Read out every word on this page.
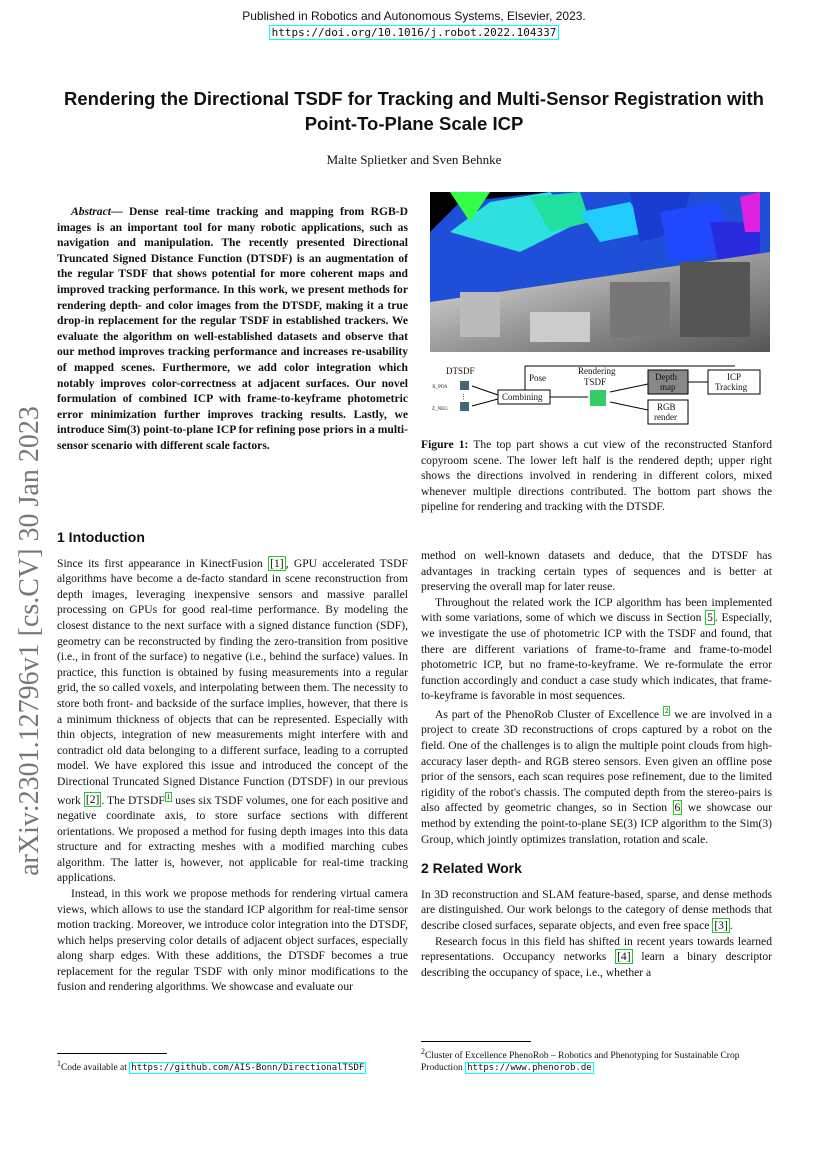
Published in Robotics and Autonomous Systems, Elsevier, 2023.
https://doi.org/10.1016/j.robot.2022.104337
Rendering the Directional TSDF for Tracking and Multi-Sensor Registration with Point-To-Plane Scale ICP
Malte Splietker and Sven Behnke
arXiv:2301.12796v1 [cs.CV] 30 Jan 2023

Abstract— Dense real-time tracking and mapping from RGB-D images is an important tool for many robotic applications, such as navigation and manipulation. The recently presented Directional Truncated Signed Distance Function (DTSDF) is an augmentation of the regular TSDF that shows potential for more coherent maps and improved tracking performance. In this work, we present methods for rendering depth- and color images from the DTSDF, making it a true drop-in replacement for the regular TSDF in established trackers. We evaluate the algorithm on well-established datasets and observe that our method improves tracking performance and increases re-usability of mapped scenes. Furthermore, we add color integration which notably improves color-correctness at adjacent surfaces. Our novel formulation of combined ICP with frame-to-keyframe photometric error minimization further improves tracking results. Lastly, we introduce Sim(3) point-to-plane ICP for refining pose priors in a multi-sensor scenario with different scale factors.

DTSDF
X_POS
Z_NEG
⋮	Combining
Pose
Rendering
TSDF	Depth
map
RGB
render
ICP
Tracking

Figure 1: The top part shows a cut view of the reconstructed Stanford copyroom scene. The lower left half is the rendered depth; upper right shows the directions involved in rendering in different colors, mixed whenever multiple directions contributed. The bottom part shows the pipeline for rendering and tracking with the DTSDF.

1 Intoduction

Since its first appearance in KinectFusion [1] , GPU accelerated TSDF algorithms have become a de-facto standard in scene reconstruction from depth images, leveraging inexpensive sensors and massive parallel processing on GPUs for good real-time performance. By modeling the closest distance to the next surface with a signed distance function (SDF), geometry can be reconstructed by finding the zero-transition from positive (i.e., in front of the surface) to negative (i.e., behind the surface) values. In practice, this function is obtained by fusing measurements into a regular grid, the so called voxels, and interpolating between them. The necessity to store both front- and backside of the surface implies, however, that there is a minimum thickness of objects that can be represented. Especially with thin objects, integration of new measurements might interfere with and contradict old data belonging to a different surface, leading to a corrupted model. We have explored this issue and introduced the concept of the Directional Truncated Signed Distance Function (DTSDF) in our previous work [2] . The DTSDF $^1$ uses six TSDF volumes, one for each positive and negative coordinate axis, to store surface sections with different orientations. We proposed a method for fusing depth images into this data structure and for extracting meshes with a modified marching cubes algorithm. The latter is, however, not applicable for real-time tracking applications.

Instead, in this work we propose methods for rendering virtual camera views, which allows to use the standard ICP algorithm for real-time sensor motion tracking. Moreover, we introduce color integration into the DTSDF, which helps preserving color details of adjacent object surfaces, especially along sharp edges. With these additions, the DTSDF becomes a true replacement for the regular TSDF with only minor modifications to the fusion and rendering algorithms. We showcase and evaluate our

method on well-known datasets and deduce, that the DTSDF has advantages in tracking certain types of sequences and is better at preserving the overall map for later reuse.

Throughout the related work the ICP algorithm has been implemented with some variations, some of which we discuss in Section 5 . Especially, we investigate the use of photometric ICP with the TSDF and found, that there are different variations of frame-to-frame and frame-to-model photometric ICP, but no frame-to-keyframe. We re-formulate the error function accordingly and conduct a case study which indicates, that frame-to-keyframe is favorable in most sequences.

As part of the PhenoRob Cluster of Excellence $^2$ we are involved in a project to create 3D reconstructions of crops captured by a robot on the field. One of the challenges is to align the multiple point clouds from high-accuracy laser depth- and RGB stereo sensors. Even given an offline pose prior of the sensors, each scan requires pose refinement, due to the limited rigidity of the robot's chassis. The computed depth from the stereo-pairs is also affected by geometric changes, so in Section 6 we showcase our method by extending the point-to-plane SE(3) ICP algorithm to the Sim(3) Group, which jointly optimizes translation, rotation and scale.

2 Related Work

In 3D reconstruction and SLAM feature-based, sparse, and dense methods are distinguished. Our work belongs to the category of dense methods that describe closed surfaces, separate objects, and even free space [3] .

Research focus in this field has shifted in recent years towards learned representations. Occupancy networks [4] learn a binary descriptor describing the occupancy of space, i.e., whether a

$^1$Code available at https://github.com/AIS-Bonn/DirectionalTSDF
$^2$Cluster of Excellence PhenoRob – Robotics and Phenotyping for Sustainable Crop Production https://www.phenorob.de
